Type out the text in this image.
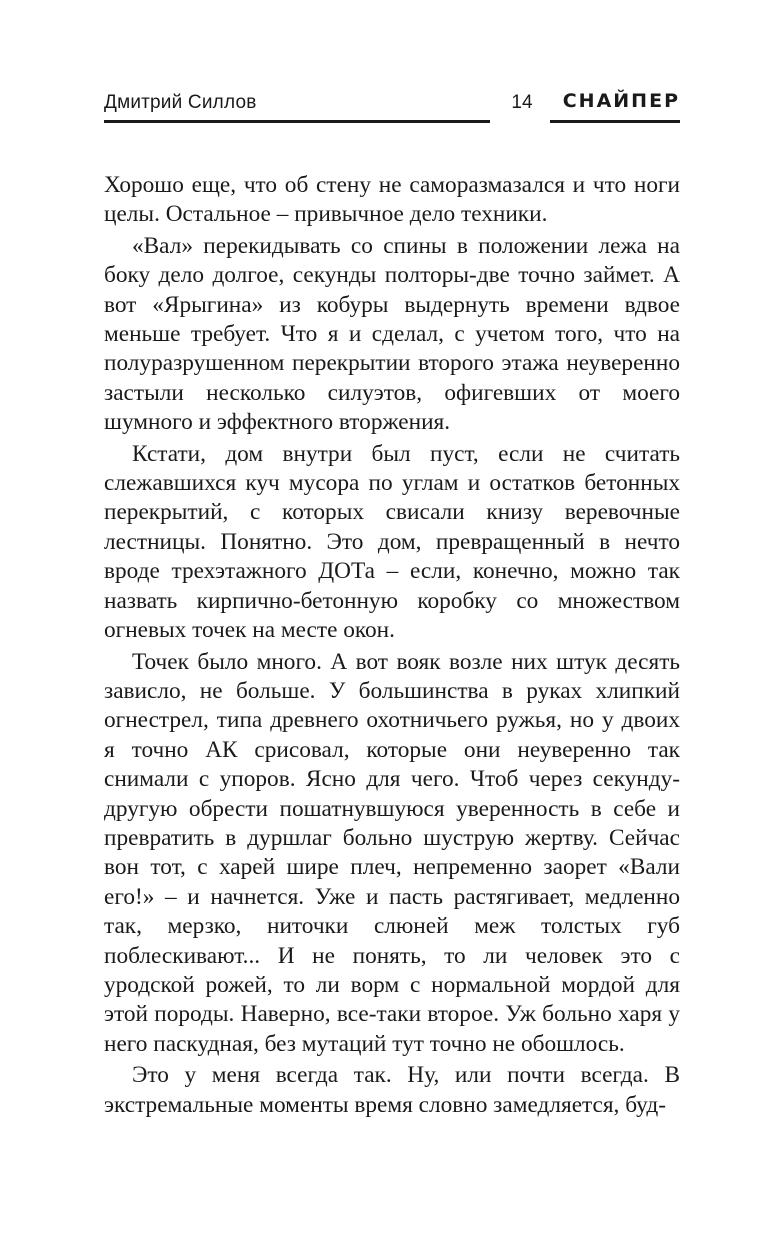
Дмитрий Силлов	14	СНАЙПЕР

Хорошо еще, что об стену не саморазмазался и что ноги целы. Остальное – привычное дело техники.

«Вал» перекидывать со спины в положении лежа на боку дело долгое, секунды полторы-две точно займет. А вот «Ярыгина» из кобуры выдернуть времени вдвое меньше требует. Что я и сделал, с учетом того, что на полуразрушенном перекрытии второго этажа неуверенно застыли несколько силуэтов, офигевших от моего шумного и эффектного вторжения.

Кстати, дом внутри был пуст, если не считать слежавшихся куч мусора по углам и остатков бетонных перекрытий, с которых свисали книзу веревочные лестницы. Понятно. Это дом, превращенный в нечто вроде трехэтажного ДОТа – если, конечно, можно так назвать кирпично-бетонную коробку со множеством огневых точек на месте окон.

Точек было много. А вот вояк возле них штук десять зависло, не больше. У большинства в руках хлипкий огнестрел, типа древнего охотничьего ружья, но у двоих я точно АК срисовал, которые они неуверенно так снимали с упоров. Ясно для чего. Чтоб через секунду-другую обрести пошатнувшуюся уверенность в себе и превратить в дуршлаг больно шуструю жертву. Сейчас вон тот, с харей шире плеч, непременно заорет «Вали его!» – и начнется. Уже и пасть растягивает, медленно так, мерзко, ниточки слюней меж толстых губ поблескивают... И не понять, то ли человек это с уродской рожей, то ли ворм с нормальной мордой для этой породы. Наверно, все-таки второе. Уж больно харя у него паскудная, без мутаций тут точно не обошлось.

Это у меня всегда так. Ну, или почти всегда. В экстремальные моменты время словно замедляется, буд-
